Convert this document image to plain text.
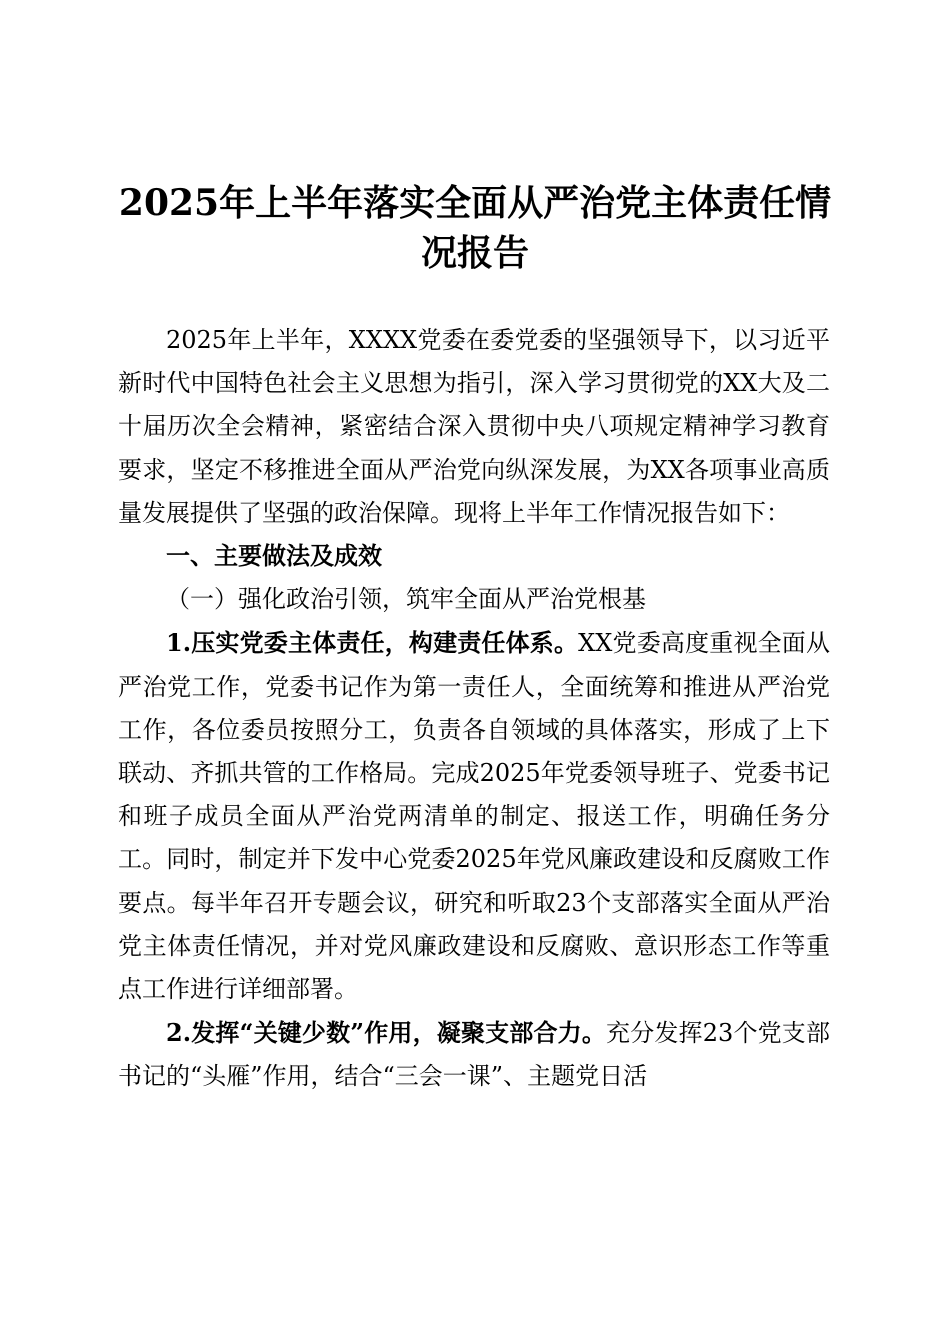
2025年上半年落实全面从严治党主体责任情况报告

2025年上半年，XXXX党委在委党委的坚强领导下，以习近平新时代中国特色社会主义思想为指引，深入学习贯彻党的XX大及二十届历次全会精神，紧密结合深入贯彻中央八项规定精神学习教育要求，坚定不移推进全面从严治党向纵深发展，为XX各项事业高质量发展提供了坚强的政治保障。现将上半年工作情况报告如下：

一、主要做法及成效

（一）强化政治引领，筑牢全面从严治党根基

1.压实党委主体责任，构建责任体系。XX党委高度重视全面从严治党工作，党委书记作为第一责任人，全面统筹和推进从严治党工作，各位委员按照分工，负责各自领域的具体落实，形成了上下联动、齐抓共管的工作格局。完成2025年党委领导班子、党委书记和班子成员全面从严治党两清单的制定、报送工作，明确任务分工。同时，制定并下发中心党委2025年党风廉政建设和反腐败工作要点。每半年召开专题会议，研究和听取23个支部落实全面从严治党主体责任情况，并对党风廉政建设和反腐败、意识形态工作等重点工作进行详细部署。

2.发挥“关键少数”作用，凝聚支部合力。充分发挥23个党支部书记的“头雁”作用，结合“三会一课”、主题党日活
